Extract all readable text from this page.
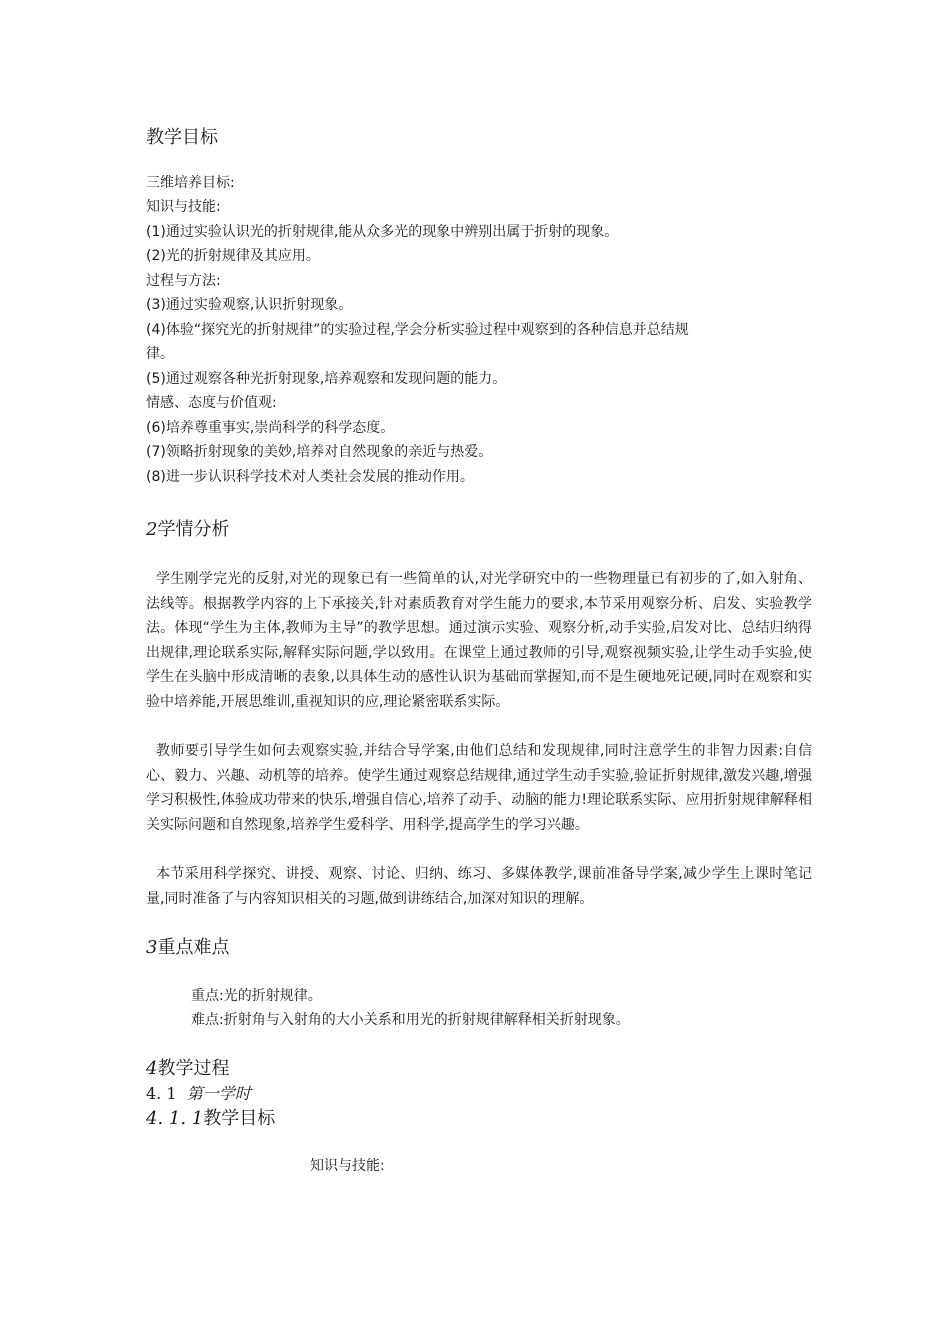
教学目标
三维培养目标:
知识与技能:
(1)通过实验认识光的折射规律,能从众多光的现象中辨别出属于折射的现象。
(2)光的折射规律及其应用。
过程与方法:
(3)通过实验观察,认识折射现象。
(4)体验“探究光的折射规律”的实验过程,学会分析实验过程中观察到的各种信息并总结规
律。
(5)通过观察各种光折射现象,培养观察和发现问题的能力。
情感、态度与价值观:
(6)培养尊重事实,崇尚科学的科学态度。
(7)领略折射现象的美妙,培养对自然现象的亲近与热爱。
(8)进一步认识科学技术对人类社会发展的推动作用。
2学情分析

学生刚学完光的反射,对光的现象已有一些简单的认,对光学研究中的一些物理量已有初步的了,如入射角、法线等。根据教学内容的上下承接关,针对素质教育对学生能力的要求,本节采用观察分析、启发、实验教学法。体现“学生为主体,教师为主导”的教学思想。通过演示实验、观察分析,动手实验,启发对比、总结归纳得出规律,理论联系实际,解释实际问题,学以致用。在课堂上通过教师的引导,观察视频实验,让学生动手实验,使学生在头脑中形成清晰的表象,以具体生动的感性认识为基础而掌握知,而不是生硬地死记硬,同时在观察和实验中培养能,开展思维训,重视知识的应,理论紧密联系实际。

教师要引导学生如何去观察实验,并结合导学案,由他们总结和发现规律,同时注意学生的非智力因素:自信心、毅力、兴趣、动机等的培养。使学生通过观察总结规律,通过学生动手实验,验证折射规律,激发兴趣,增强学习积极性,体验成功带来的快乐,增强自信心,培养了动手、动脑的能力!理论联系实际、应用折射规律解释相关实际问题和自然现象,培养学生爱科学、用科学,提高学生的学习兴趣。

本节采用科学探究、讲授、观察、讨论、归纳、练习、多媒体教学,课前准备导学案,减少学生上课时笔记量,同时准备了与内容知识相关的习题,做到讲练结合,加深对知识的理解。

3重点难点
重点:光的折射规律。
难点:折射角与入射角的大小关系和用光的折射规律解释相关折射现象。
4教学过程
4. 1 第一学时
4. 1. 1教学目标
知识与技能:
